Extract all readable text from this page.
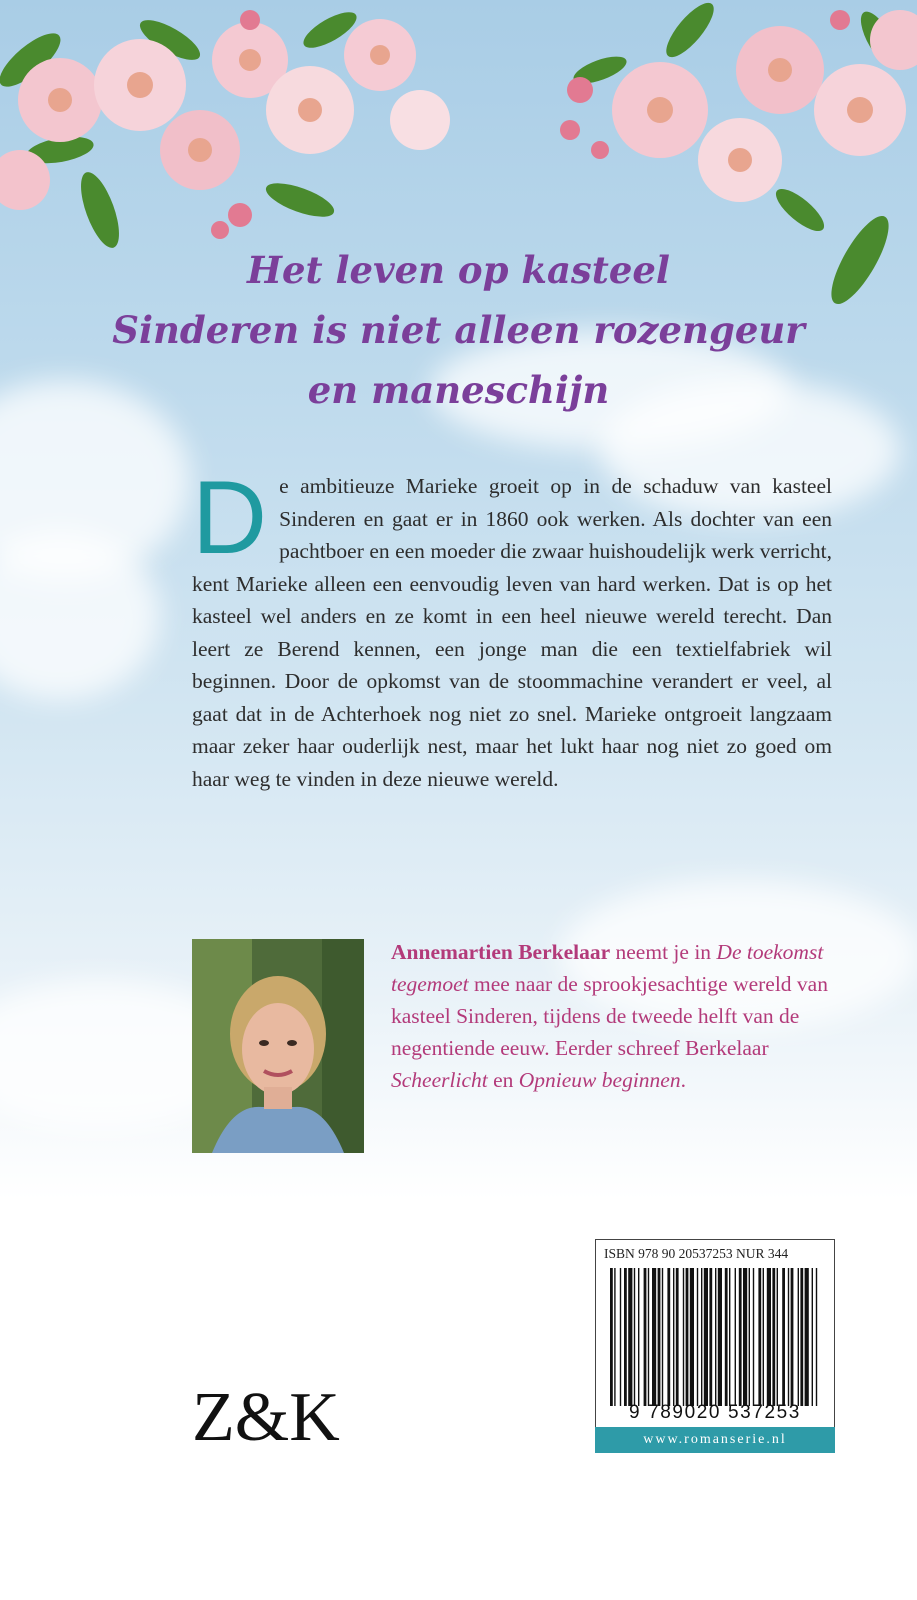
Het leven op kasteel
Sinderen is niet alleen rozengeur
en maneschijn
De ambitieuze Marieke groeit op in de schaduw van kasteel Sinderen en gaat er in 1860 ook werken. Als dochter van een pachtboer en een moeder die zwaar huishoudelijk werk verricht, kent Marieke alleen een eenvoudig leven van hard werken. Dat is op het kasteel wel anders en ze komt in een heel nieuwe wereld terecht. Dan leert ze Berend kennen, een jonge man die een textielfabriek wil beginnen. Door de opkomst van de stoommachine verandert er veel, al gaat dat in de Achterhoek nog niet zo snel. Marieke ontgroeit langzaam maar zeker haar ouderlijk nest, maar het lukt haar nog niet zo goed om haar weg te vinden in deze nieuwe wereld.
Annemartien Berkelaar neemt je in De toekomst tegemoet mee naar de sprookjesachtige wereld van kasteel Sinderen, tijdens de tweede helft van de negentiende eeuw. Eerder schreef Berkelaar Scheerlicht en Opnieuw beginnen.
Z&K
ISBN 978 90 20537253 NUR 344
9 789020 537253
www.romanserie.nl
